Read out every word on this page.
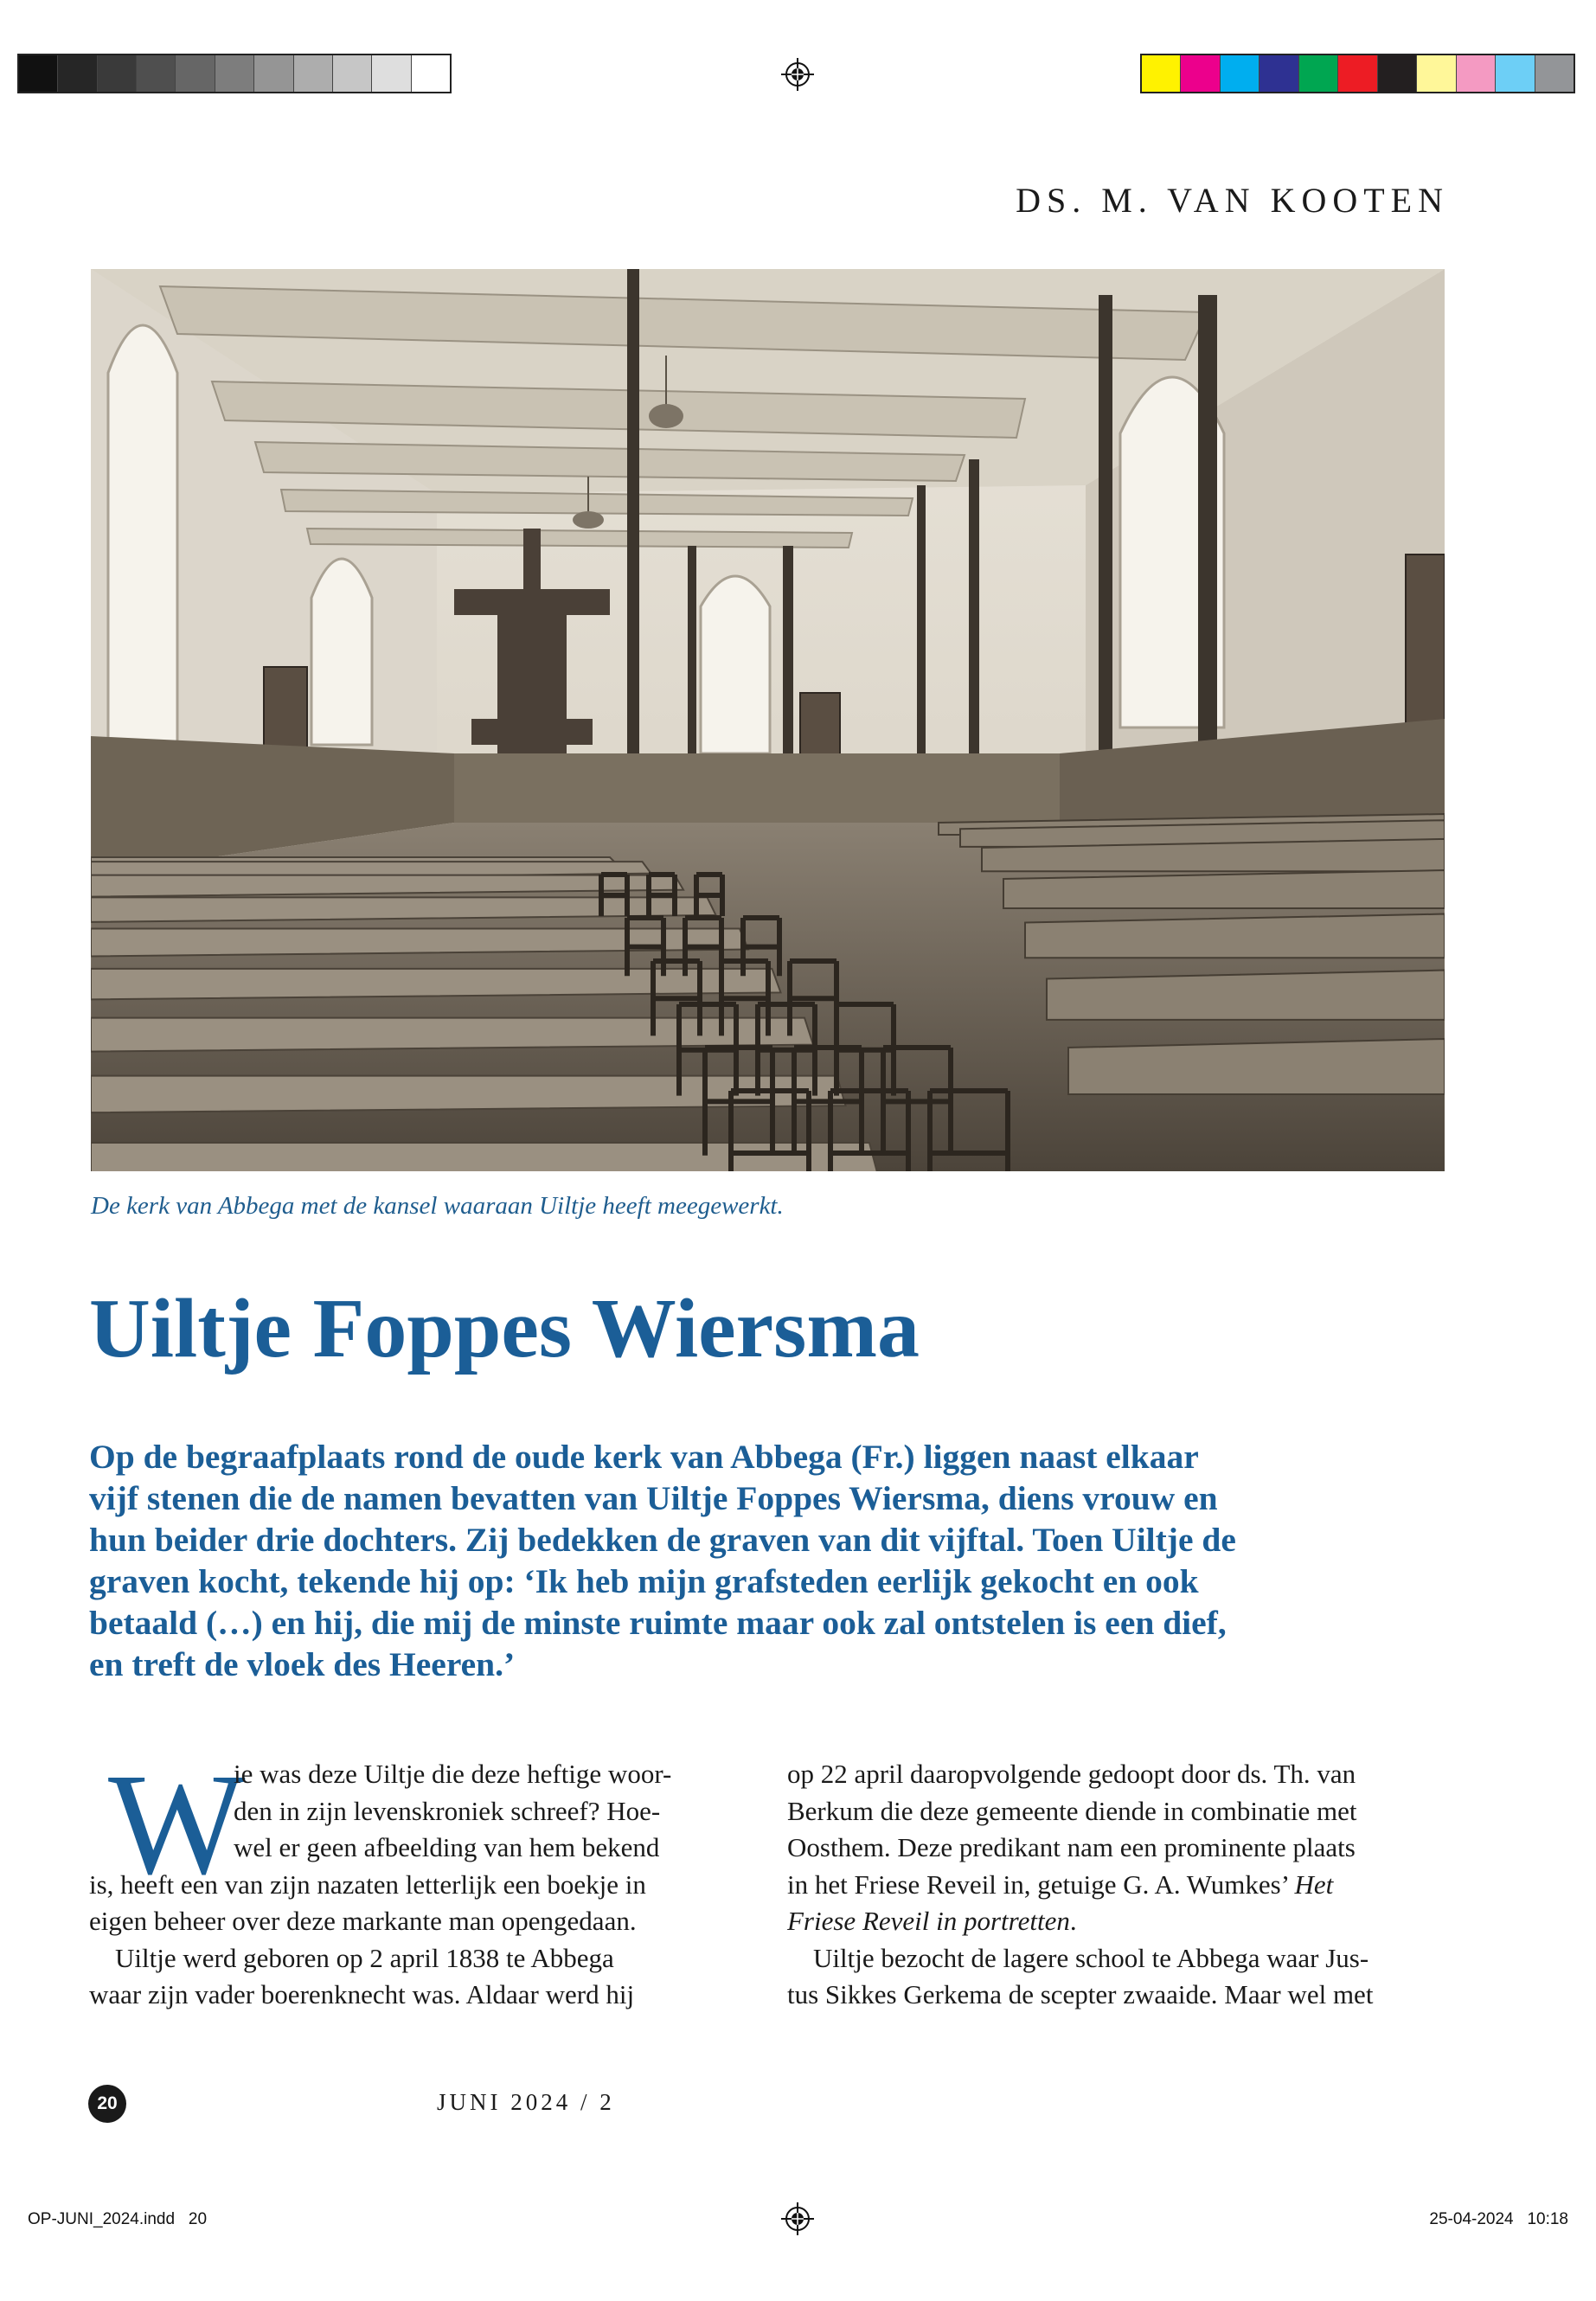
DS. M. VAN KOOTEN
De kerk van Abbega met de kansel waaraan Uiltje heeft meegewerkt.
Uiltje Foppes Wiersma
Op de begraafplaats rond de oude kerk van Abbega (Fr.) liggen naast elkaar
vijf stenen die de namen bevatten van Uiltje Foppes Wiersma, diens vrouw en
hun beider drie dochters. Zij bedekken de graven van dit vijftal. Toen Uiltje de
graven kocht, tekende hij op: ‘Ik heb mijn grafsteden eerlijk gekocht en ook
betaald (…) en hij, die mij de minste ruimte maar ook zal ontstelen is een dief,
en treft de vloek des Heeren.’
W
ie was deze Uiltje die deze heftige woor-
den in zijn levenskroniek schreef? Hoe-
wel er geen afbeelding van hem bekend
is, heeft een van zijn nazaten letterlijk een boekje in
eigen beheer over deze markante man opengedaan.
Uiltje werd geboren op 2 april 1838 te Abbega
waar zijn vader boerenknecht was. Aldaar werd hij
op 22 april daaropvolgende gedoopt door ds. Th. van
Berkum die deze gemeente diende in combinatie met
Oosthem. Deze predikant nam een prominente plaats
in het Friese Reveil in, getuige G. A. Wumkes’ Het
Friese Reveil in portretten.
Uiltje bezocht de lagere school te Abbega waar Jus-
tus Sikkes Gerkema de scepter zwaaide. Maar wel met
20	JUNI 2024 / 2
OP-JUNI_2024.indd   20	25-04-2024   10:18
